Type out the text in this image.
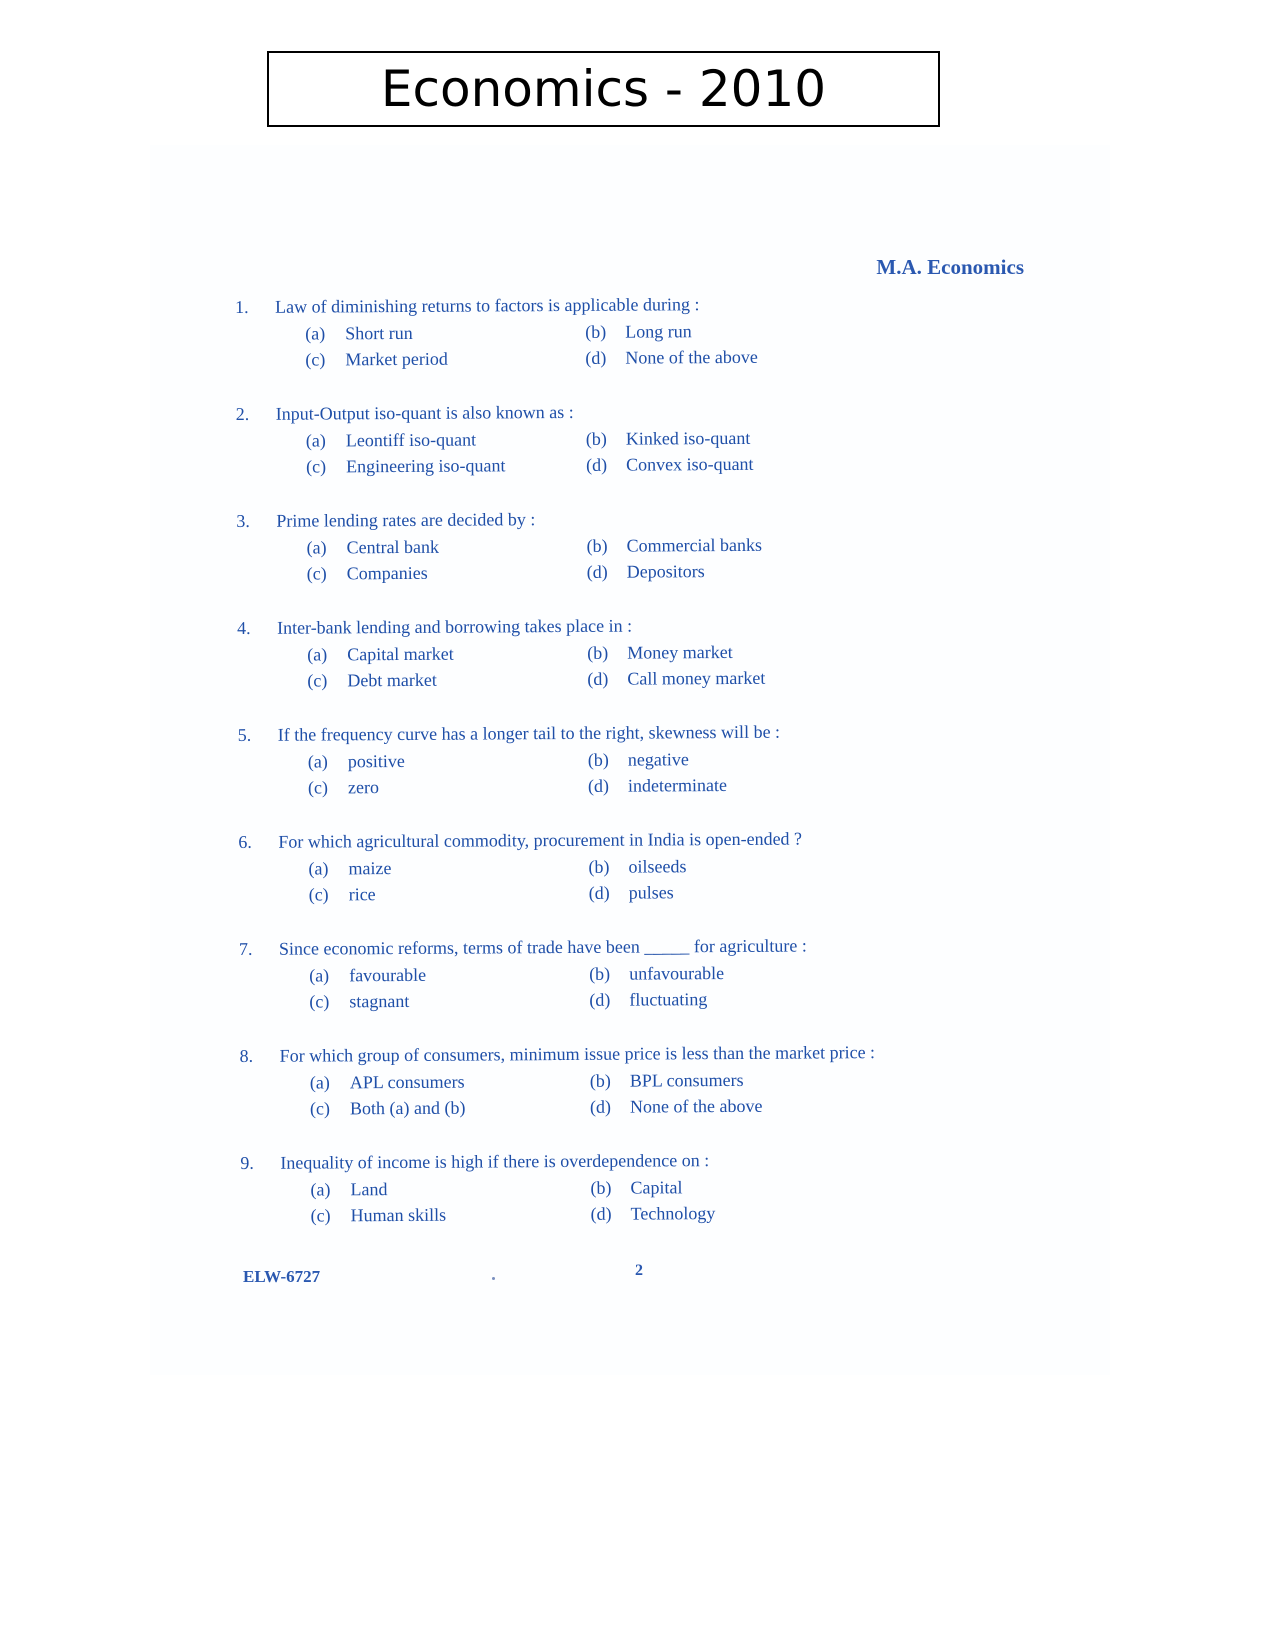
Economics - 2010
M.A. Economics
1.	Law of diminishing returns to factors is applicable during :
(a)	Short run	(b)	Long run
(c)	Market period	(d)	None of the above
2.	Input-Output iso-quant is also known as :
(a)	Leontiff iso-quant	(b)	Kinked iso-quant
(c)	Engineering iso-quant	(d)	Convex iso-quant
3.	Prime lending rates are decided by :
(a)	Central bank	(b)	Commercial banks
(c)	Companies	(d)	Depositors
4.	Inter-bank lending and borrowing takes place in :
(a)	Capital market	(b)	Money market
(c)	Debt market	(d)	Call money market
5.	If the frequency curve has a longer tail to the right, skewness will be :
(a)	positive	(b)	negative
(c)	zero	(d)	indeterminate
6.	For which agricultural commodity, procurement in India is open-ended ?
(a)	maize	(b)	oilseeds
(c)	rice	(d)	pulses
7.	Since economic reforms, terms of trade have been _____ for agriculture :
(a)	favourable	(b)	unfavourable
(c)	stagnant	(d)	fluctuating
8.	For which group of consumers, minimum issue price is less than the market price :
(a)	APL consumers	(b)	BPL consumers
(c)	Both (a) and (b)	(d)	None of the above
9.	Inequality of income is high if there is overdependence on :
(a)	Land	(b)	Capital
(c)	Human skills	(d)	Technology
ELW-6727	2
